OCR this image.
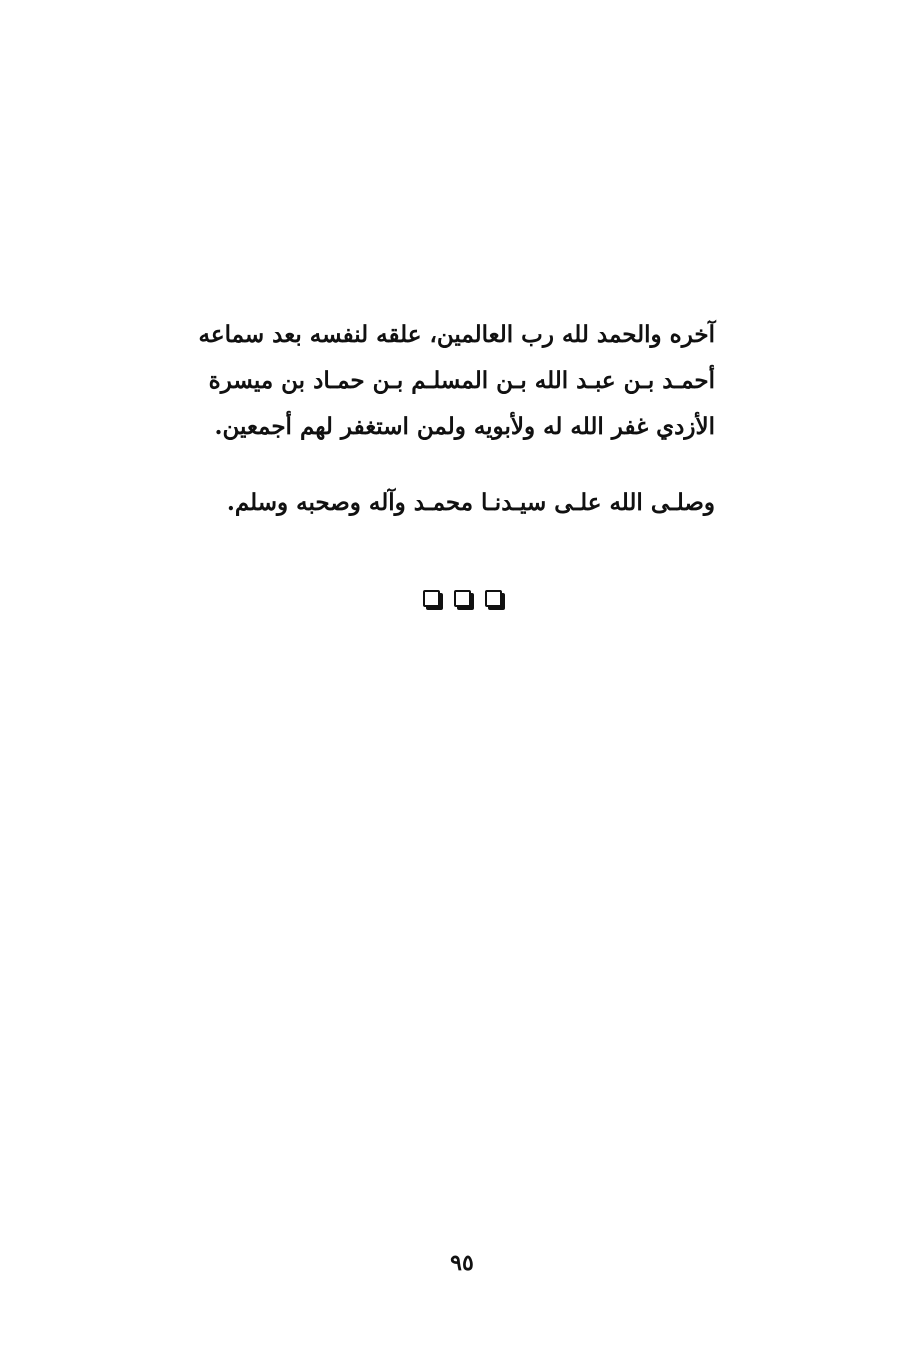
آخره والحمد لله رب العالمين، علقه لنفسه بعد سماعه
أحمـد بـن عبـد الله بـن المسلـم بـن حمـاد بن ميسرة
الأزدي غفر الله له ولأبويه ولمن استغفر لهم أجمعين.
وصلـى الله علـى سيـدنـا محمـد وآله وصحبه وسلم.
٩٥
